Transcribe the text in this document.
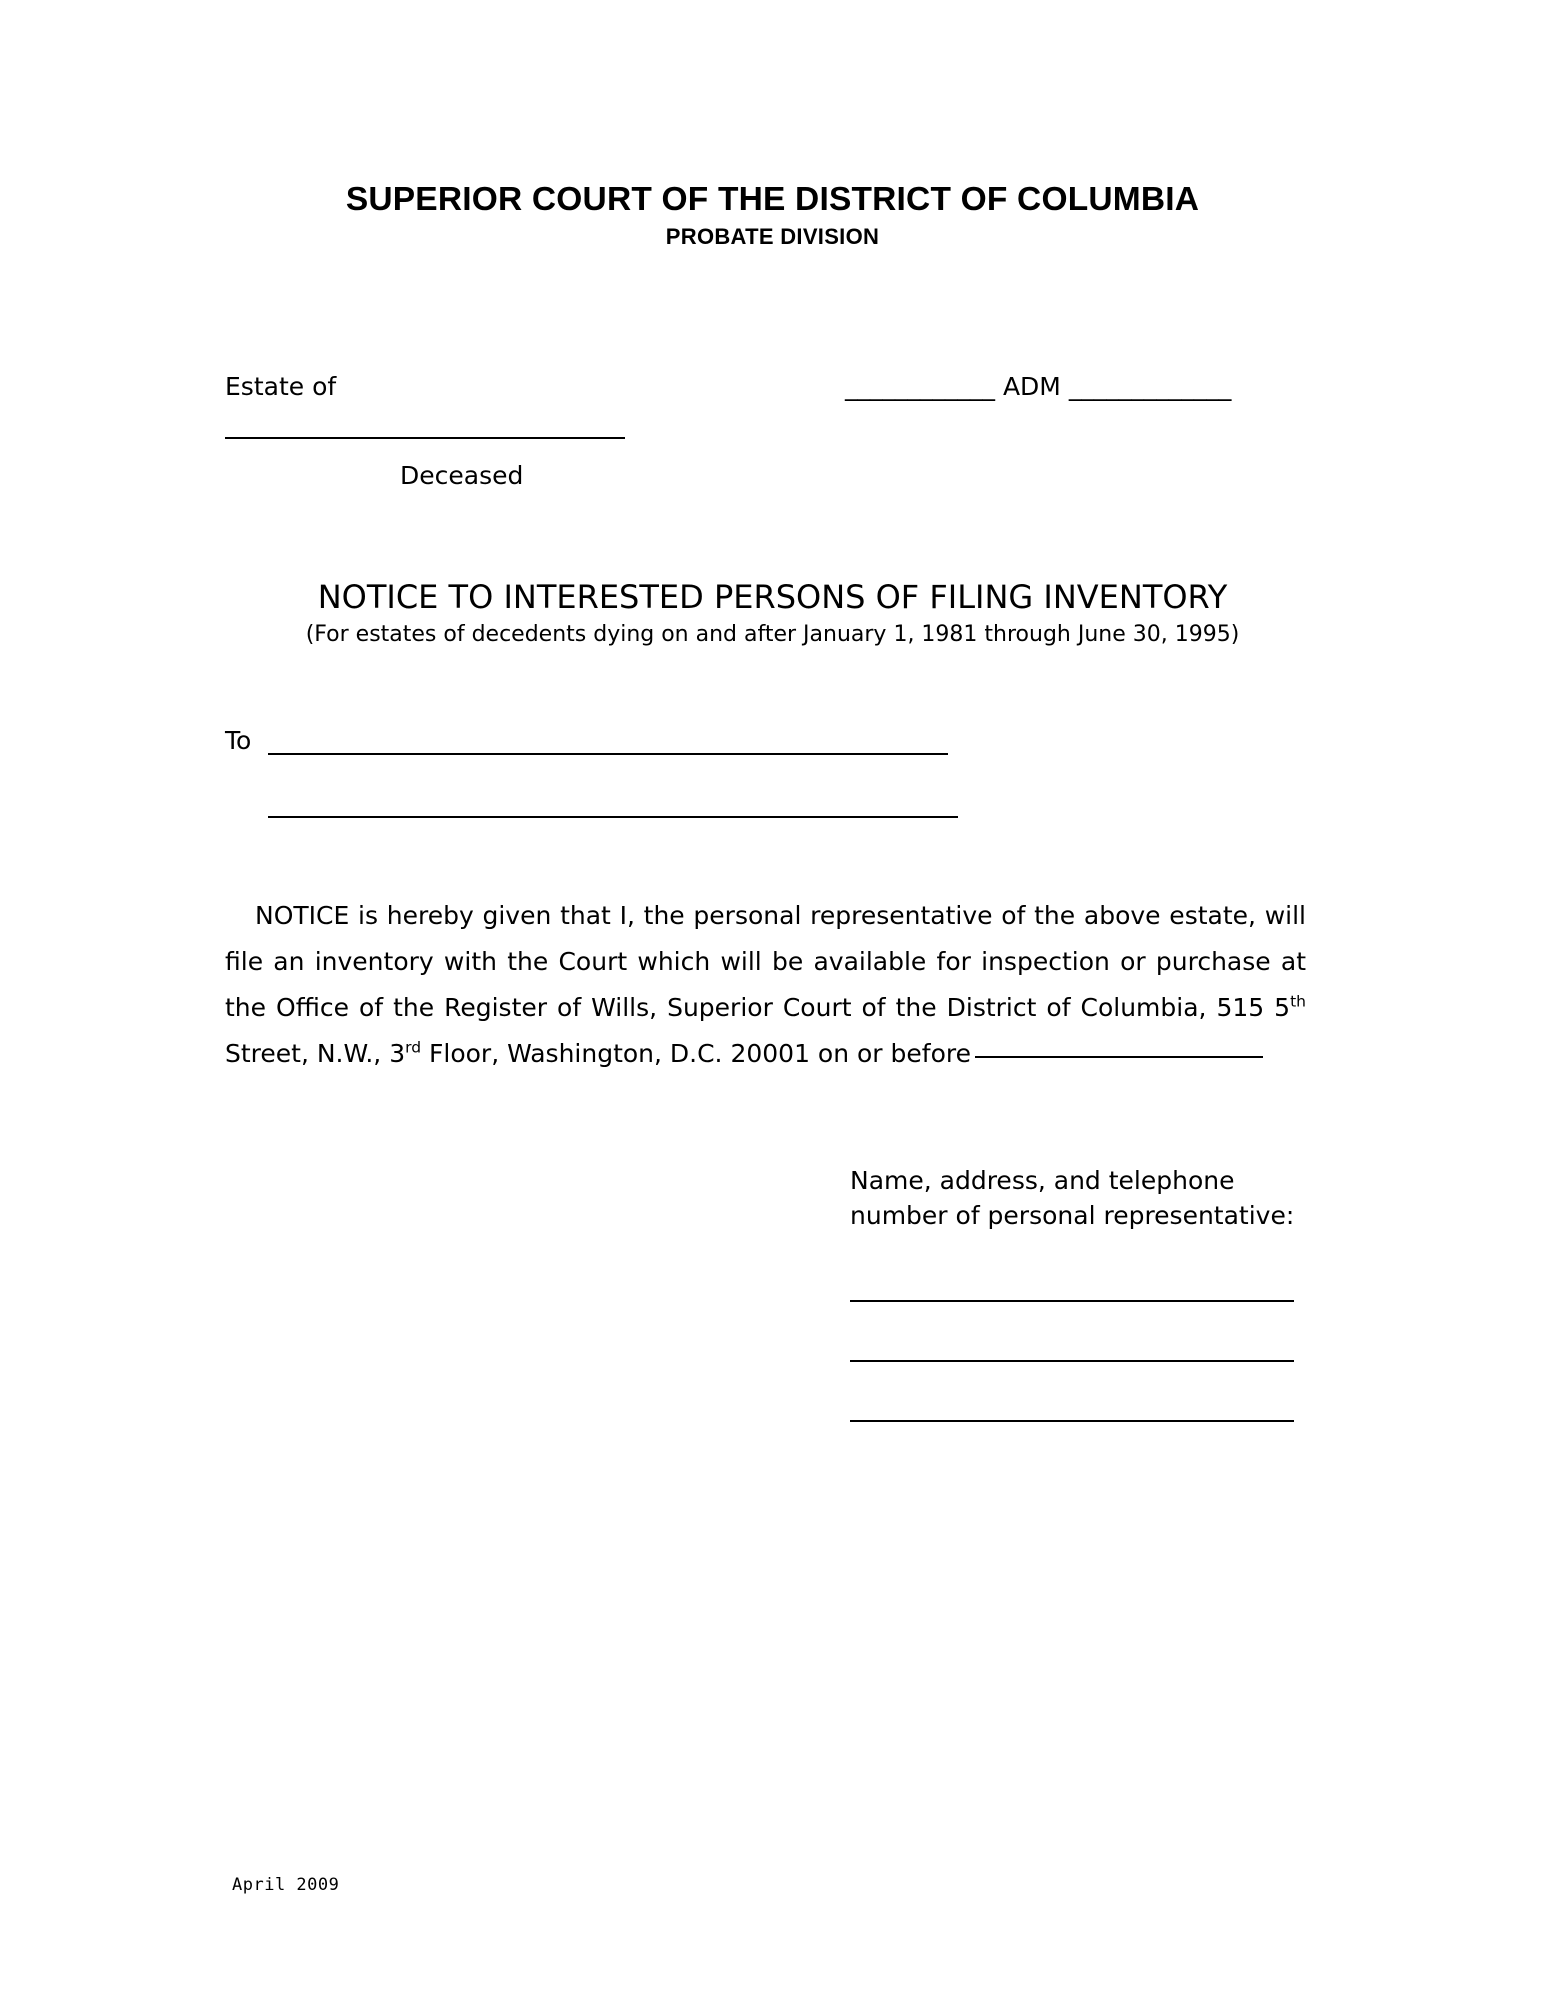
SUPERIOR COURT OF THE DISTRICT OF COLUMBIA
PROBATE DIVISION
Estate of	____________ ADM _____________
Deceased
NOTICE TO INTERESTED PERSONS OF FILING INVENTORY
(For estates of decedents dying on and after January 1, 1981 through June 30, 1995)
To
NOTICE is hereby given that I, the personal representative of the above estate, will file an inventory with the Court which will be available for inspection or purchase at the Office of the Register of Wills, Superior Court of the District of Columbia, 515 5th Street, N.W., 3rd Floor, Washington, D.C. 20001 on or before
Name, address, and telephone
number of personal representative:
April 2009
